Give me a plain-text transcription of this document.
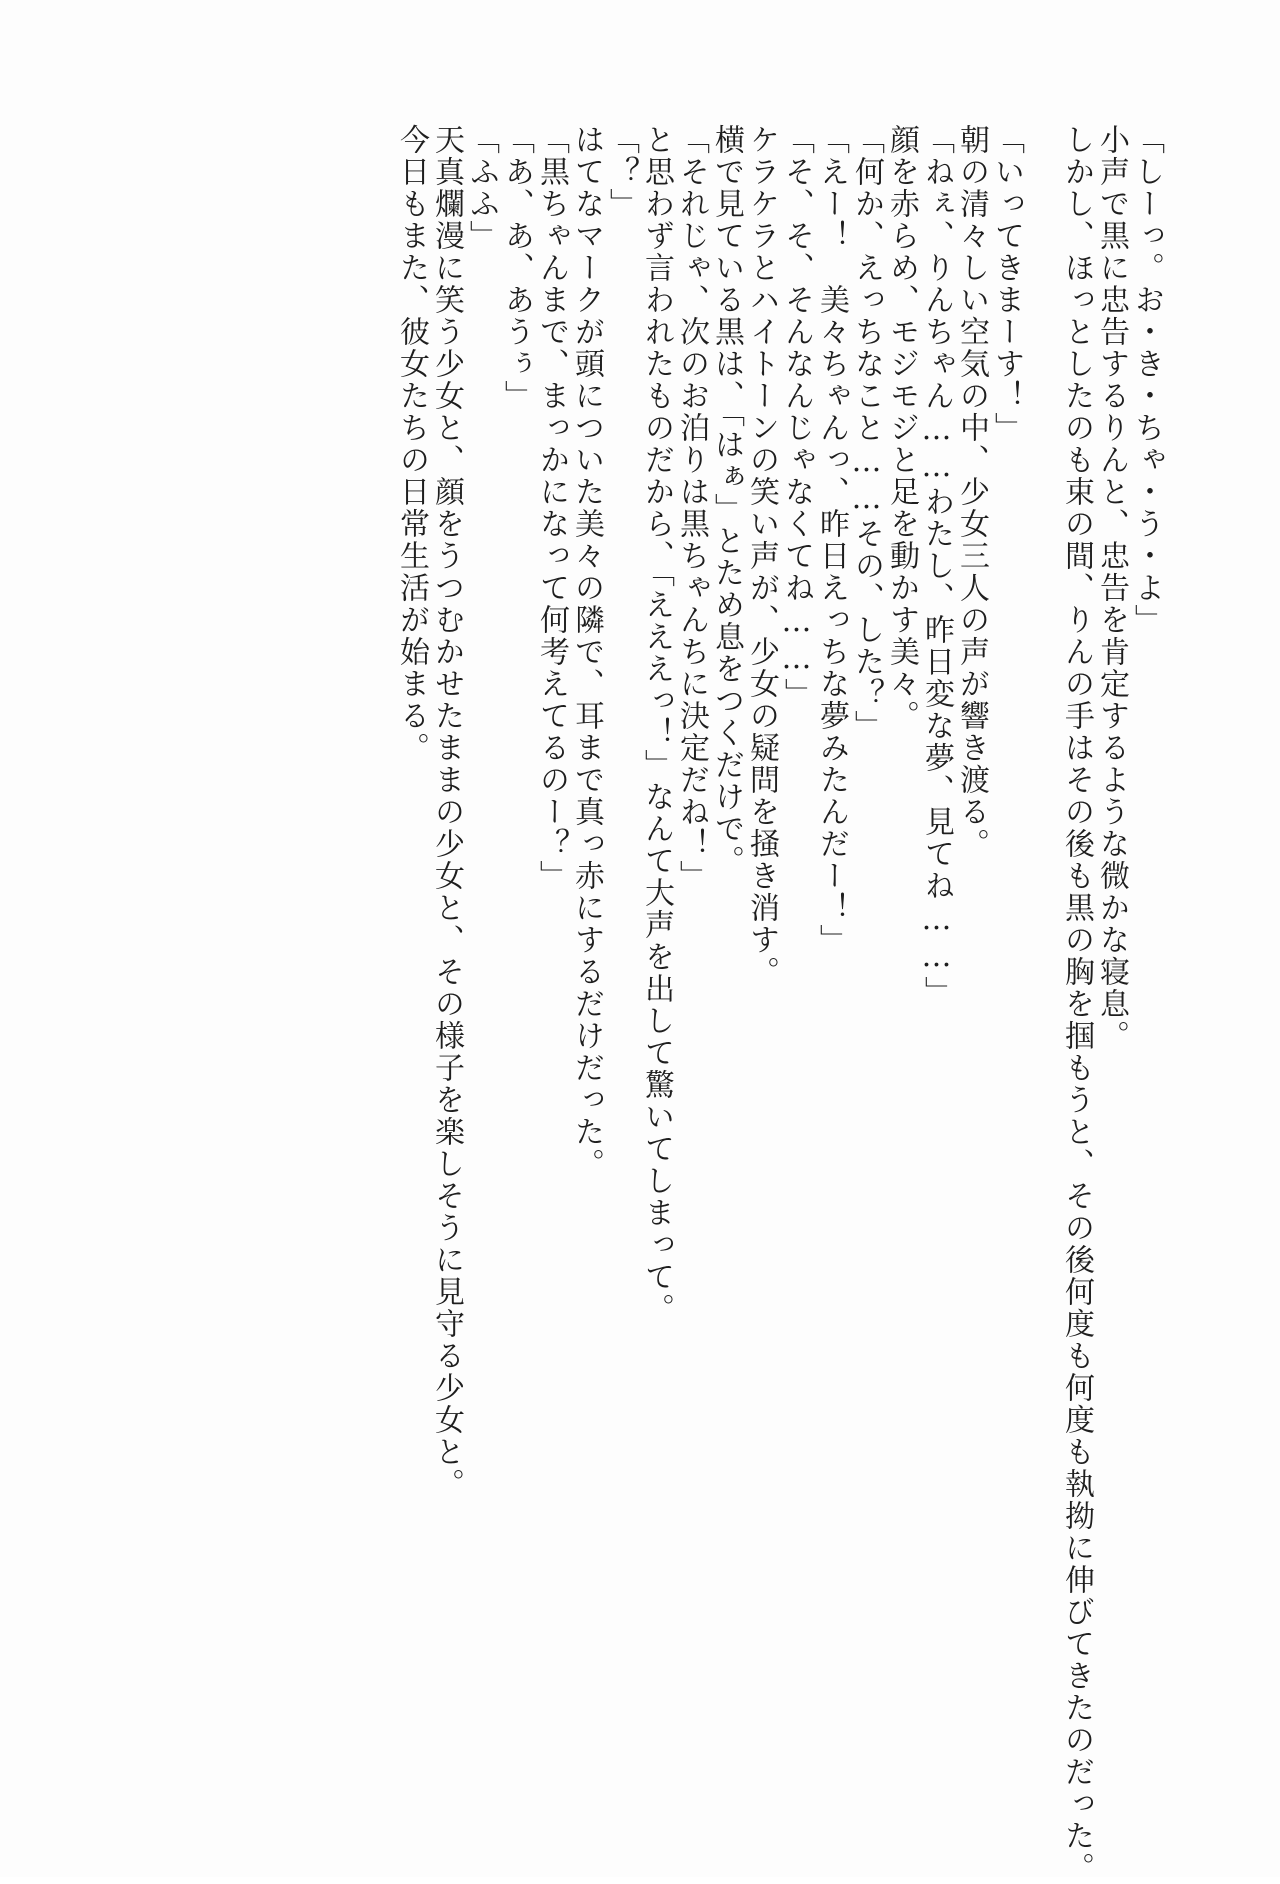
「しーっ。お・き・ちゃ・う・よ」
小声で黒に忠告するりんと、忠告を肯定するような微かな寝息。
しかし、ほっとしたのも束の間、りんの手はその後も黒の胸を掴もうと、その後何度も何度も執拗に伸びてきたのだった。
「いってきまーす！」
朝の清々しい空気の中、少女三人の声が響き渡る。
「ねぇ、りんちゃん……わたし、昨日変な夢、見てね……」
顔を赤らめ、モジモジと足を動かす美々。
「何か、えっちなこと……その、した？」
「えー！　美々ちゃんっ、昨日えっちな夢みたんだー！」
「そ、そ、そんなんじゃなくてね……」
ケラケラとハイトーンの笑い声が、少女の疑問を掻き消す。
横で見ている黒は、「はぁ」とため息をつくだけで。
「それじゃ、次のお泊りは黒ちゃんちに決定だね！」
と思わず言われたものだから、「えええっ！」なんて大声を出して驚いてしまって。
「？」
はてなマークが頭についた美々の隣で、耳まで真っ赤にするだけだった。
「黒ちゃんまで、まっかになって何考えてるのー？」
「あ、あ、あうぅ」
「ふふ」
天真爛漫に笑う少女と、顔をうつむかせたままの少女と、その様子を楽しそうに見守る少女と。
今日もまた、彼女たちの日常生活が始まる。
